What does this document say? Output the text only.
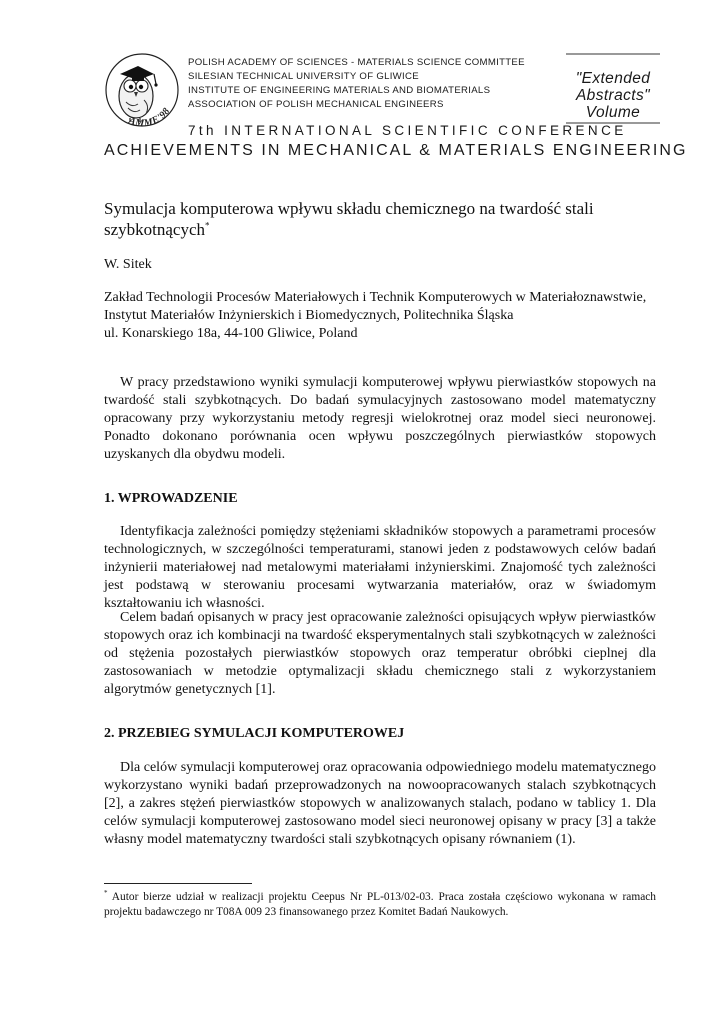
AMME'98
POLISH ACADEMY OF SCIENCES - MATERIALS SCIENCE COMMITTEE
SILESIAN TECHNICAL UNIVERSITY OF GLIWICE
INSTITUTE OF ENGINEERING MATERIALS AND BIOMATERIALS
ASSOCIATION OF POLISH MECHANICAL ENGINEERS
"Extended
Abstracts"
Volume
7th INTERNATIONAL SCIENTIFIC CONFERENCE
ACHIEVEMENTS IN MECHANICAL & MATERIALS ENGINEERING
Symulacja komputerowa wpływu składu chemicznego na twardość stali szybkotnących*
W. Sitek
Zakład Technologii Procesów Materiałowych i Technik Komputerowych w Materiałoznawstwie,
Instytut Materiałów Inżynierskich i Biomedycznych, Politechnika Śląska
ul. Konarskiego 18a, 44-100 Gliwice, Poland
W pracy przedstawiono wyniki symulacji komputerowej wpływu pierwiastków stopowych na twardość stali szybkotnących. Do badań symulacyjnych zastosowano model matematyczny opracowany przy wykorzystaniu metody regresji wielokrotnej oraz model sieci neuronowej. Ponadto dokonano porównania ocen wpływu poszczególnych pierwiastków stopowych uzyskanych dla obydwu modeli.
1. WPROWADZENIE
Identyfikacja zależności pomiędzy stężeniami składników stopowych a parametrami procesów technologicznych, w szczególności temperaturami, stanowi jeden z podstawowych celów badań inżynierii materiałowej nad metalowymi materiałami inżynierskimi. Znajomość tych zależności jest podstawą w sterowaniu procesami wytwarzania materiałów, oraz w świadomym kształtowaniu ich własności.
Celem badań opisanych w pracy jest opracowanie zależności opisujących wpływ pierwiastków stopowych oraz ich kombinacji na twardość eksperymentalnych stali szybkotnących w zależności od stężenia pozostałych pierwiastków stopowych oraz temperatur obróbki cieplnej dla zastosowaniach w metodzie optymalizacji składu chemicznego stali z wykorzystaniem algorytmów genetycznych [1].
2. PRZEBIEG SYMULACJI KOMPUTEROWEJ
Dla celów symulacji komputerowej oraz opracowania odpowiedniego modelu matematycznego wykorzystano wyniki badań przeprowadzonych na nowoopracowanych stalach szybkotnących [2], a zakres stężeń pierwiastków stopowych w analizowanych stalach, podano w tablicy 1. Dla celów symulacji komputerowej zastosowano model sieci neuronowej opisany w pracy [3] a także własny model matematyczny twardości stali szybkotnących opisany równaniem (1).
* Autor bierze udział w realizacji projektu Ceepus Nr PL-013/02-03. Praca została częściowo wykonana w ramach projektu badawczego nr T08A 009 23 finansowanego przez Komitet Badań Naukowych.
